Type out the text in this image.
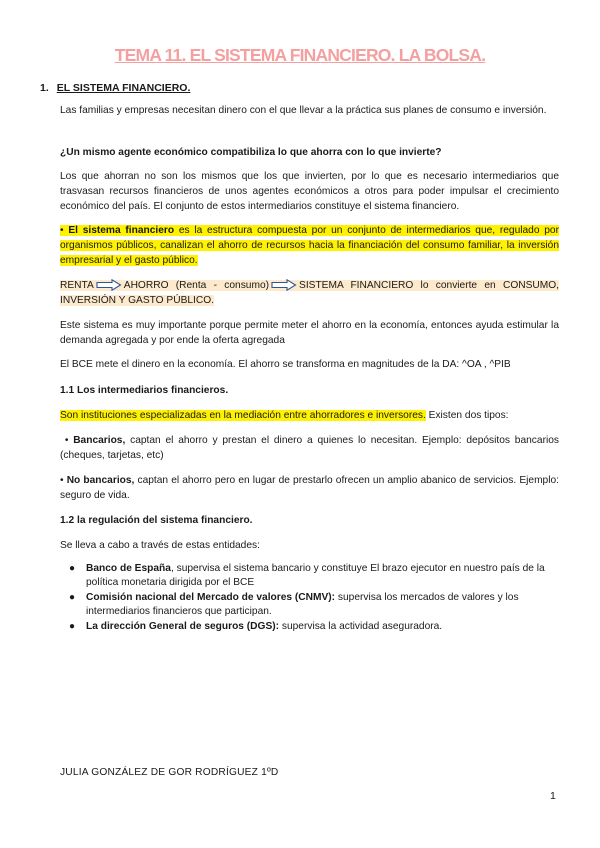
TEMA 11. EL SISTEMA FINANCIERO. LA BOLSA.
1. EL SISTEMA FINANCIERO.
Las familias y empresas necesitan dinero con el que llevar a la práctica sus planes de consumo e inversión.
¿Un mismo agente económico compatibiliza lo que ahorra con lo que invierte?
Los que ahorran no son los mismos que los que invierten, por lo que es necesario intermediarios que trasvasan recursos financieros de unos agentes económicos a otros para poder impulsar el crecimiento económico del país. El conjunto de estos intermediarios constituye el sistema financiero.
• El sistema financiero es la estructura compuesta por un conjunto de intermediarios que, regulado por organismos públicos, canalizan el ahorro de recursos hacia la financiación del consumo familiar, la inversión empresarial y el gasto público.
RENTA	AHORRO (Renta - consumo)	SISTEMA FINANCIERO lo convierte en CONSUMO, INVERSIÓN Y GASTO PÚBLICO.
Este sistema es muy importante porque permite meter el ahorro en la economía, entonces ayuda estimular la demanda agregada y por ende la oferta agregada
El BCE mete el dinero en la economía. El ahorro se transforma en magnitudes de la DA: ^OA , ^PIB
1.1 Los intermediarios financieros.
Son instituciones especializadas en la mediación entre ahorradores e inversores. Existen dos tipos:
• Bancarios, captan el ahorro y prestan el dinero a quienes lo necesitan. Ejemplo: depósitos bancarios (cheques, tarjetas, etc)
• No bancarios, captan el ahorro pero en lugar de prestarlo ofrecen un amplio abanico de servicios. Ejemplo: seguro de vida.
1.2 la regulación del sistema financiero.
Se lleva a cabo a través de estas entidades:
● Banco de España, supervisa el sistema bancario y constituye El brazo ejecutor en nuestro país de la política monetaria dirigida por el BCE
● Comisión nacional del Mercado de valores (CNMV): supervisa los mercados de valores y los intermediarios financieros que participan.
● La dirección General de seguros (DGS): supervisa la actividad aseguradora.
JULIA GONZÁLEZ DE GOR RODRÍGUEZ 1ºD
1
